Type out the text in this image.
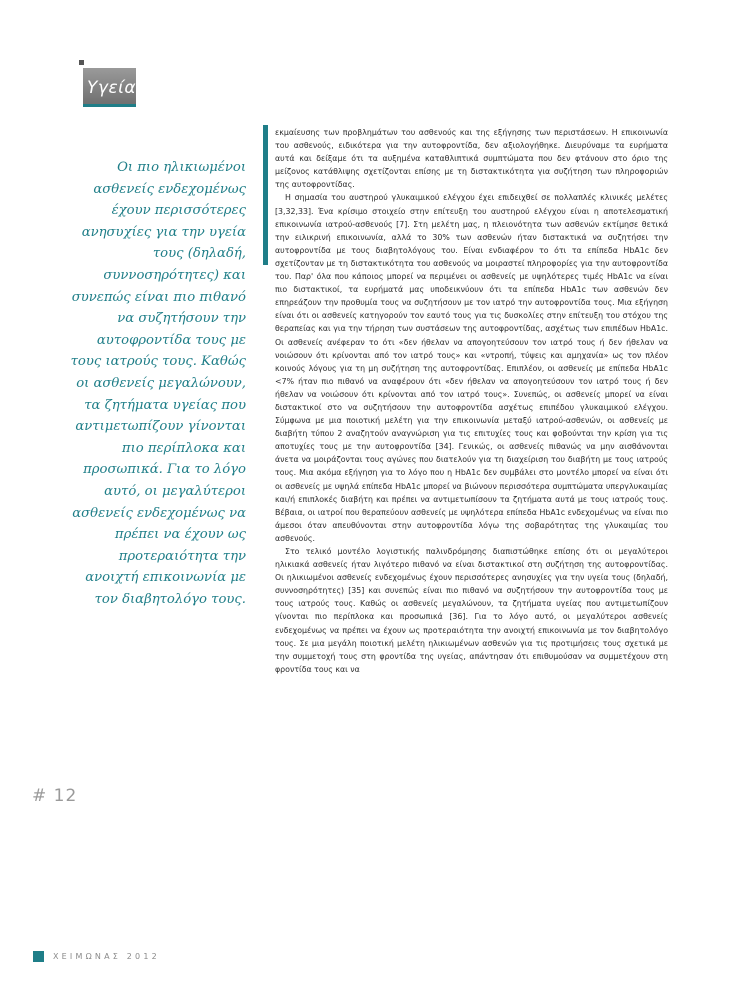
Υγεία

Οι πιο ηλικιωμένοι ασθενείς ενδεχομένως έχουν περισσότερες ανησυχίες για την υγεία τους (δηλαδή, συννοσηρότητες) και συνεπώς είναι πιο πιθανό να συζητήσουν την αυτοφροντίδα τους με τους ιατρούς τους. Καθώς οι ασθενείς μεγαλώνουν, τα ζητήματα υγείας που αντιμετωπίζουν γίνονται πιο περίπλοκα και προσωπικά. Για το λόγο αυτό, οι μεγαλύτεροι ασθενείς ενδεχομένως να πρέπει να έχουν ως προτεραιότητα την ανοιχτή επικοινωνία με τον διαβητολόγο τους.

# 12

εκμαίευσης των προβλημάτων του ασθενούς και της εξήγησης των περιστάσεων. Η επικοινωνία του ασθενούς, ειδικότερα για την αυτοφροντίδα, δεν αξιολογήθηκε. Διευρύναμε τα ευρήματα αυτά και δείξαμε ότι τα αυξημένα καταθλιπτικά συμπτώματα που δεν φτάνουν στο όριο της μείζονος κατάθλιψης σχετίζονται επίσης με τη διστακτικότητα για συζήτηση των πληροφοριών της αυτοφροντίδας.

Η σημασία του αυστηρού γλυκαιμικού ελέγχου έχει επιδειχθεί σε πολλαπλές κλινικές μελέτες [3,32,33]. Ένα κρίσιμο στοιχείο στην επίτευξη του αυστηρού ελέγχου είναι η αποτελεσματική επικοινωνία ιατρού-ασθενούς [7]. Στη μελέτη μας, η πλειονότητα των ασθενών εκτίμησε θετικά την ειλικρινή επικοινωνία, αλλά το 30% των ασθενών ήταν διστακτικά να συζητήσει την αυτοφροντίδα με τους διαβητολόγους του. Είναι ενδιαφέρον το ότι τα επίπεδα HbA1c δεν σχετίζονταν με τη διστακτικότητα του ασθενούς να μοιραστεί πληροφορίες για την αυτοφροντίδα του. Παρ' όλα που κάποιος μπορεί να περιμένει οι ασθενείς με υψηλότερες τιμές HbA1c να είναι πιο διστακτικοί, τα ευρήματά μας υποδεικνύουν ότι τα επίπεδα HbA1c των ασθενών δεν επηρεάζουν την προθυμία τους να συζητήσουν με τον ιατρό την αυτοφροντίδα τους. Μια εξήγηση είναι ότι οι ασθενείς κατηγορούν τον εαυτό τους για τις δυσκολίες στην επίτευξη του στόχου της θεραπείας και για την τήρηση των συστάσεων της αυτοφροντίδας, ασχέτως των επιπέδων HbA1c. Οι ασθενείς ανέφεραν το ότι «δεν ήθελαν να απογοητεύσουν τον ιατρό τους ή δεν ήθελαν να νοιώσουν ότι κρίνονται από τον ιατρό τους» και «ντροπή, τύψεις και αμηχανία» ως τον πλέον κοινούς λόγους για τη μη συζήτηση της αυτοφροντίδας. Επιπλέον, οι ασθενείς με επίπεδα HbA1c <7% ήταν πιο πιθανό να αναφέρουν ότι «δεν ήθελαν να απογοητεύσουν τον ιατρό τους ή δεν ήθελαν να νοιώσουν ότι κρίνονται από τον ιατρό τους». Συνεπώς, οι ασθενείς μπορεί να είναι διστακτικοί στο να συζητήσουν την αυτοφροντίδα ασχέτως επιπέδου γλυκαιμικού ελέγχου. Σύμφωνα με μια ποιοτική μελέτη για την επικοινωνία μεταξύ ιατρού-ασθενών, οι ασθενείς με διαβήτη τύπου 2 αναζητούν αναγνώριση για τις επιτυχίες τους και φοβούνται την κρίση για τις αποτυχίες τους με την αυτοφροντίδα [34]. Γενικώς, οι ασθενείς πιθανώς να μην αισθάνονται άνετα να μοιράζονται τους αγώνες που διατελούν για τη διαχείριση του διαβήτη με τους ιατρούς τους. Μια ακόμα εξήγηση για το λόγο που η HbA1c δεν συμβάλει στο μοντέλο μπορεί να είναι ότι οι ασθενείς με υψηλά επίπεδα HbA1c μπορεί να βιώνουν περισσότερα συμπτώματα υπεργλυκαιμίας και/ή επιπλοκές διαβήτη και πρέπει να αντιμετωπίσουν τα ζητήματα αυτά με τους ιατρούς τους. Βέβαια, οι ιατροί που θεραπεύουν ασθενείς με υψηλότερα επίπεδα HbA1c ενδεχομένως να είναι πιο άμεσοι όταν απευθύνονται στην αυτοφροντίδα λόγω της σοβαρότητας της γλυκαιμίας του ασθενούς.

Στο τελικό μοντέλο λογιστικής παλινδρόμησης διαπιστώθηκε επίσης ότι οι μεγαλύτεροι ηλικιακά ασθενείς ήταν λιγότερο πιθανό να είναι διστακτικοί στη συζήτηση της αυτοφροντίδας. Οι ηλικιωμένοι ασθενείς ενδεχομένως έχουν περισσότερες ανησυχίες για την υγεία τους (δηλαδή, συννοσηρότητες) [35] και συνεπώς είναι πιο πιθανό να συζητήσουν την αυτοφροντίδα τους με τους ιατρούς τους. Καθώς οι ασθενείς μεγαλώνουν, τα ζητήματα υγείας που αντιμετωπίζουν γίνονται πιο περίπλοκα και προσωπικά [36]. Για το λόγο αυτό, οι μεγαλύτεροι ασθενείς ενδεχομένως να πρέπει να έχουν ως προτεραιότητα την ανοιχτή επικοινωνία με τον διαβητολόγο τους. Σε μια μεγάλη ποιοτική μελέτη ηλικιωμένων ασθενών για τις προτιμήσεις τους σχετικά με την συμμετοχή τους στη φροντίδα της υγείας, απάντησαν ότι επιθυμούσαν να συμμετέχουν στη φροντίδα τους και να

ΧΕΙΜΩΝΑΣ 2012
